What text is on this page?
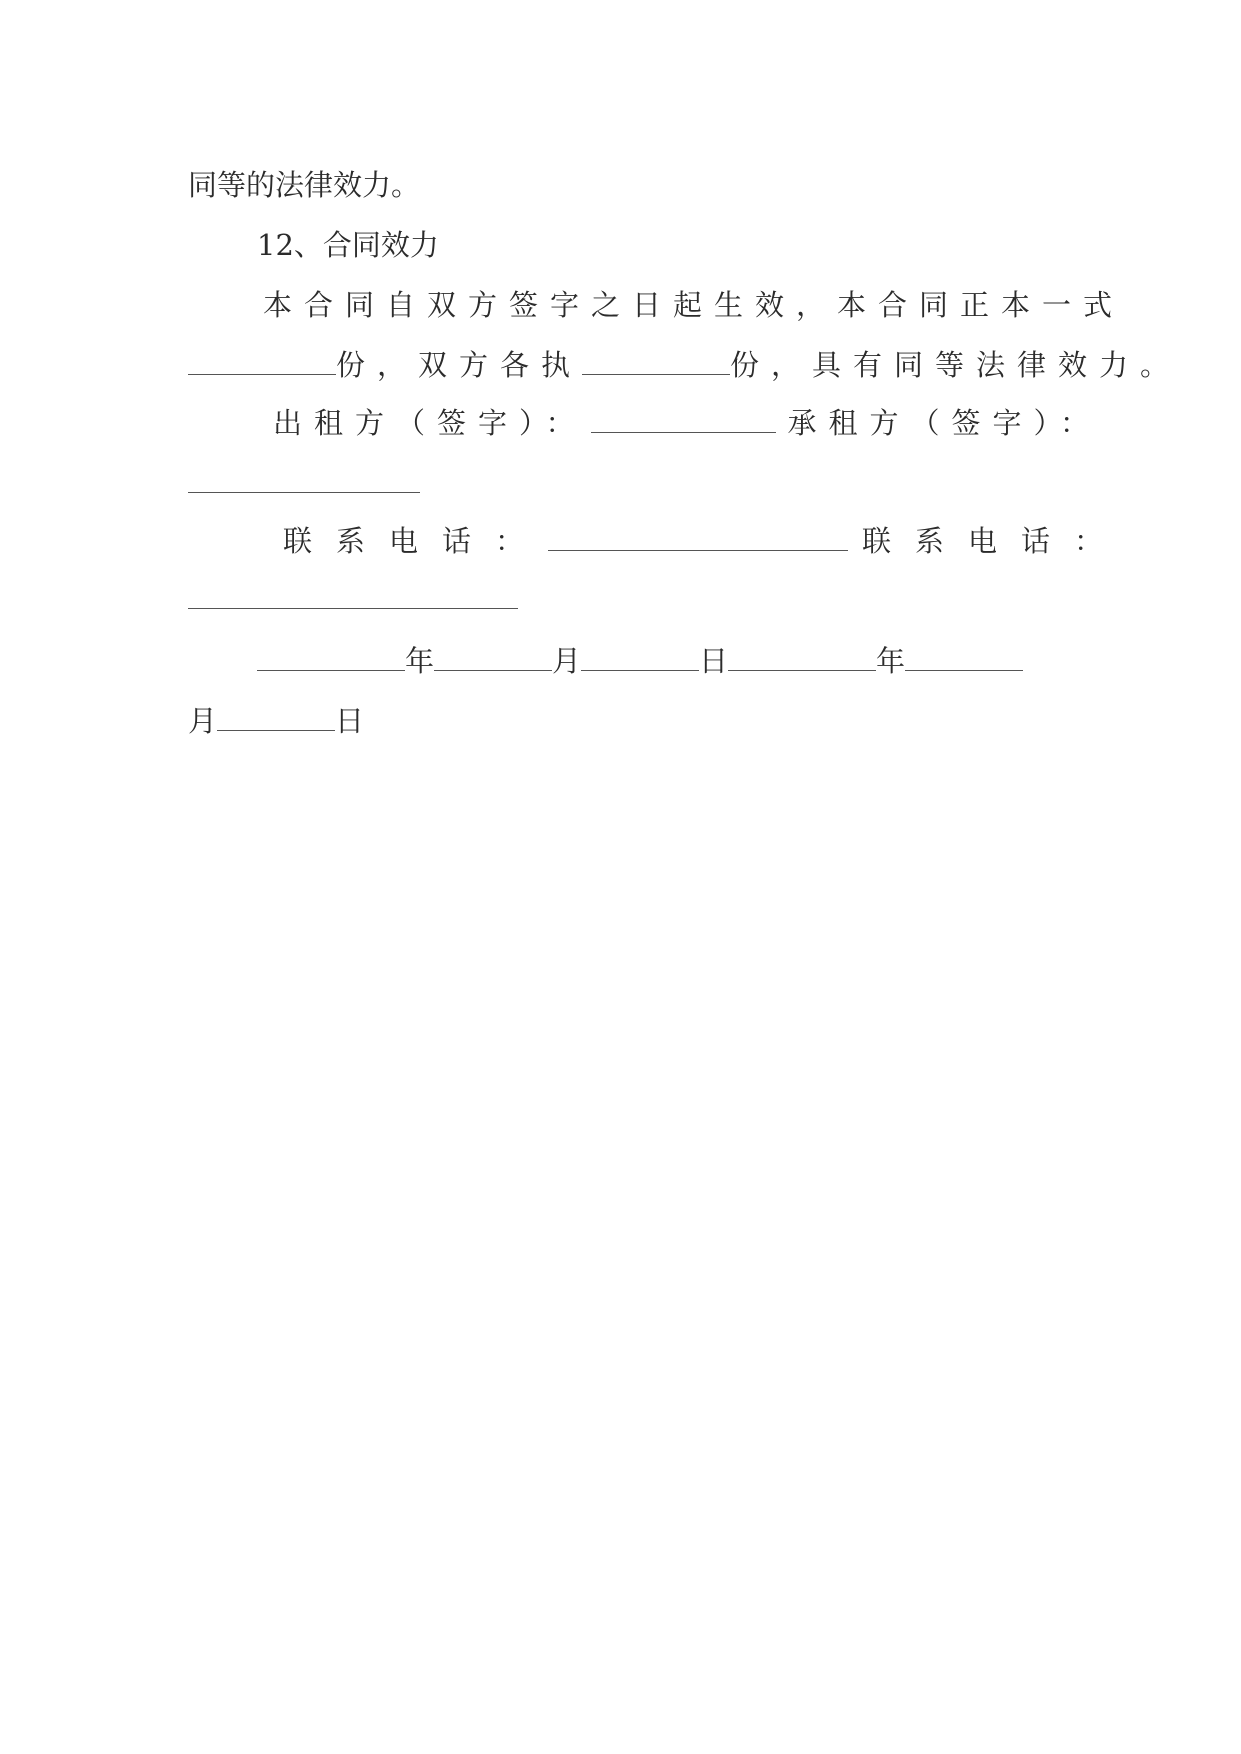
同等的法律效力。
12、合同效力
本合同自双方签字之日起生效，本合同正本一式
份，双方各执	份，具有同等法律效力。
出租方（签字）：	承租方（签字）：
联系电话：	联系电话：
年	月	日	年
月	日
